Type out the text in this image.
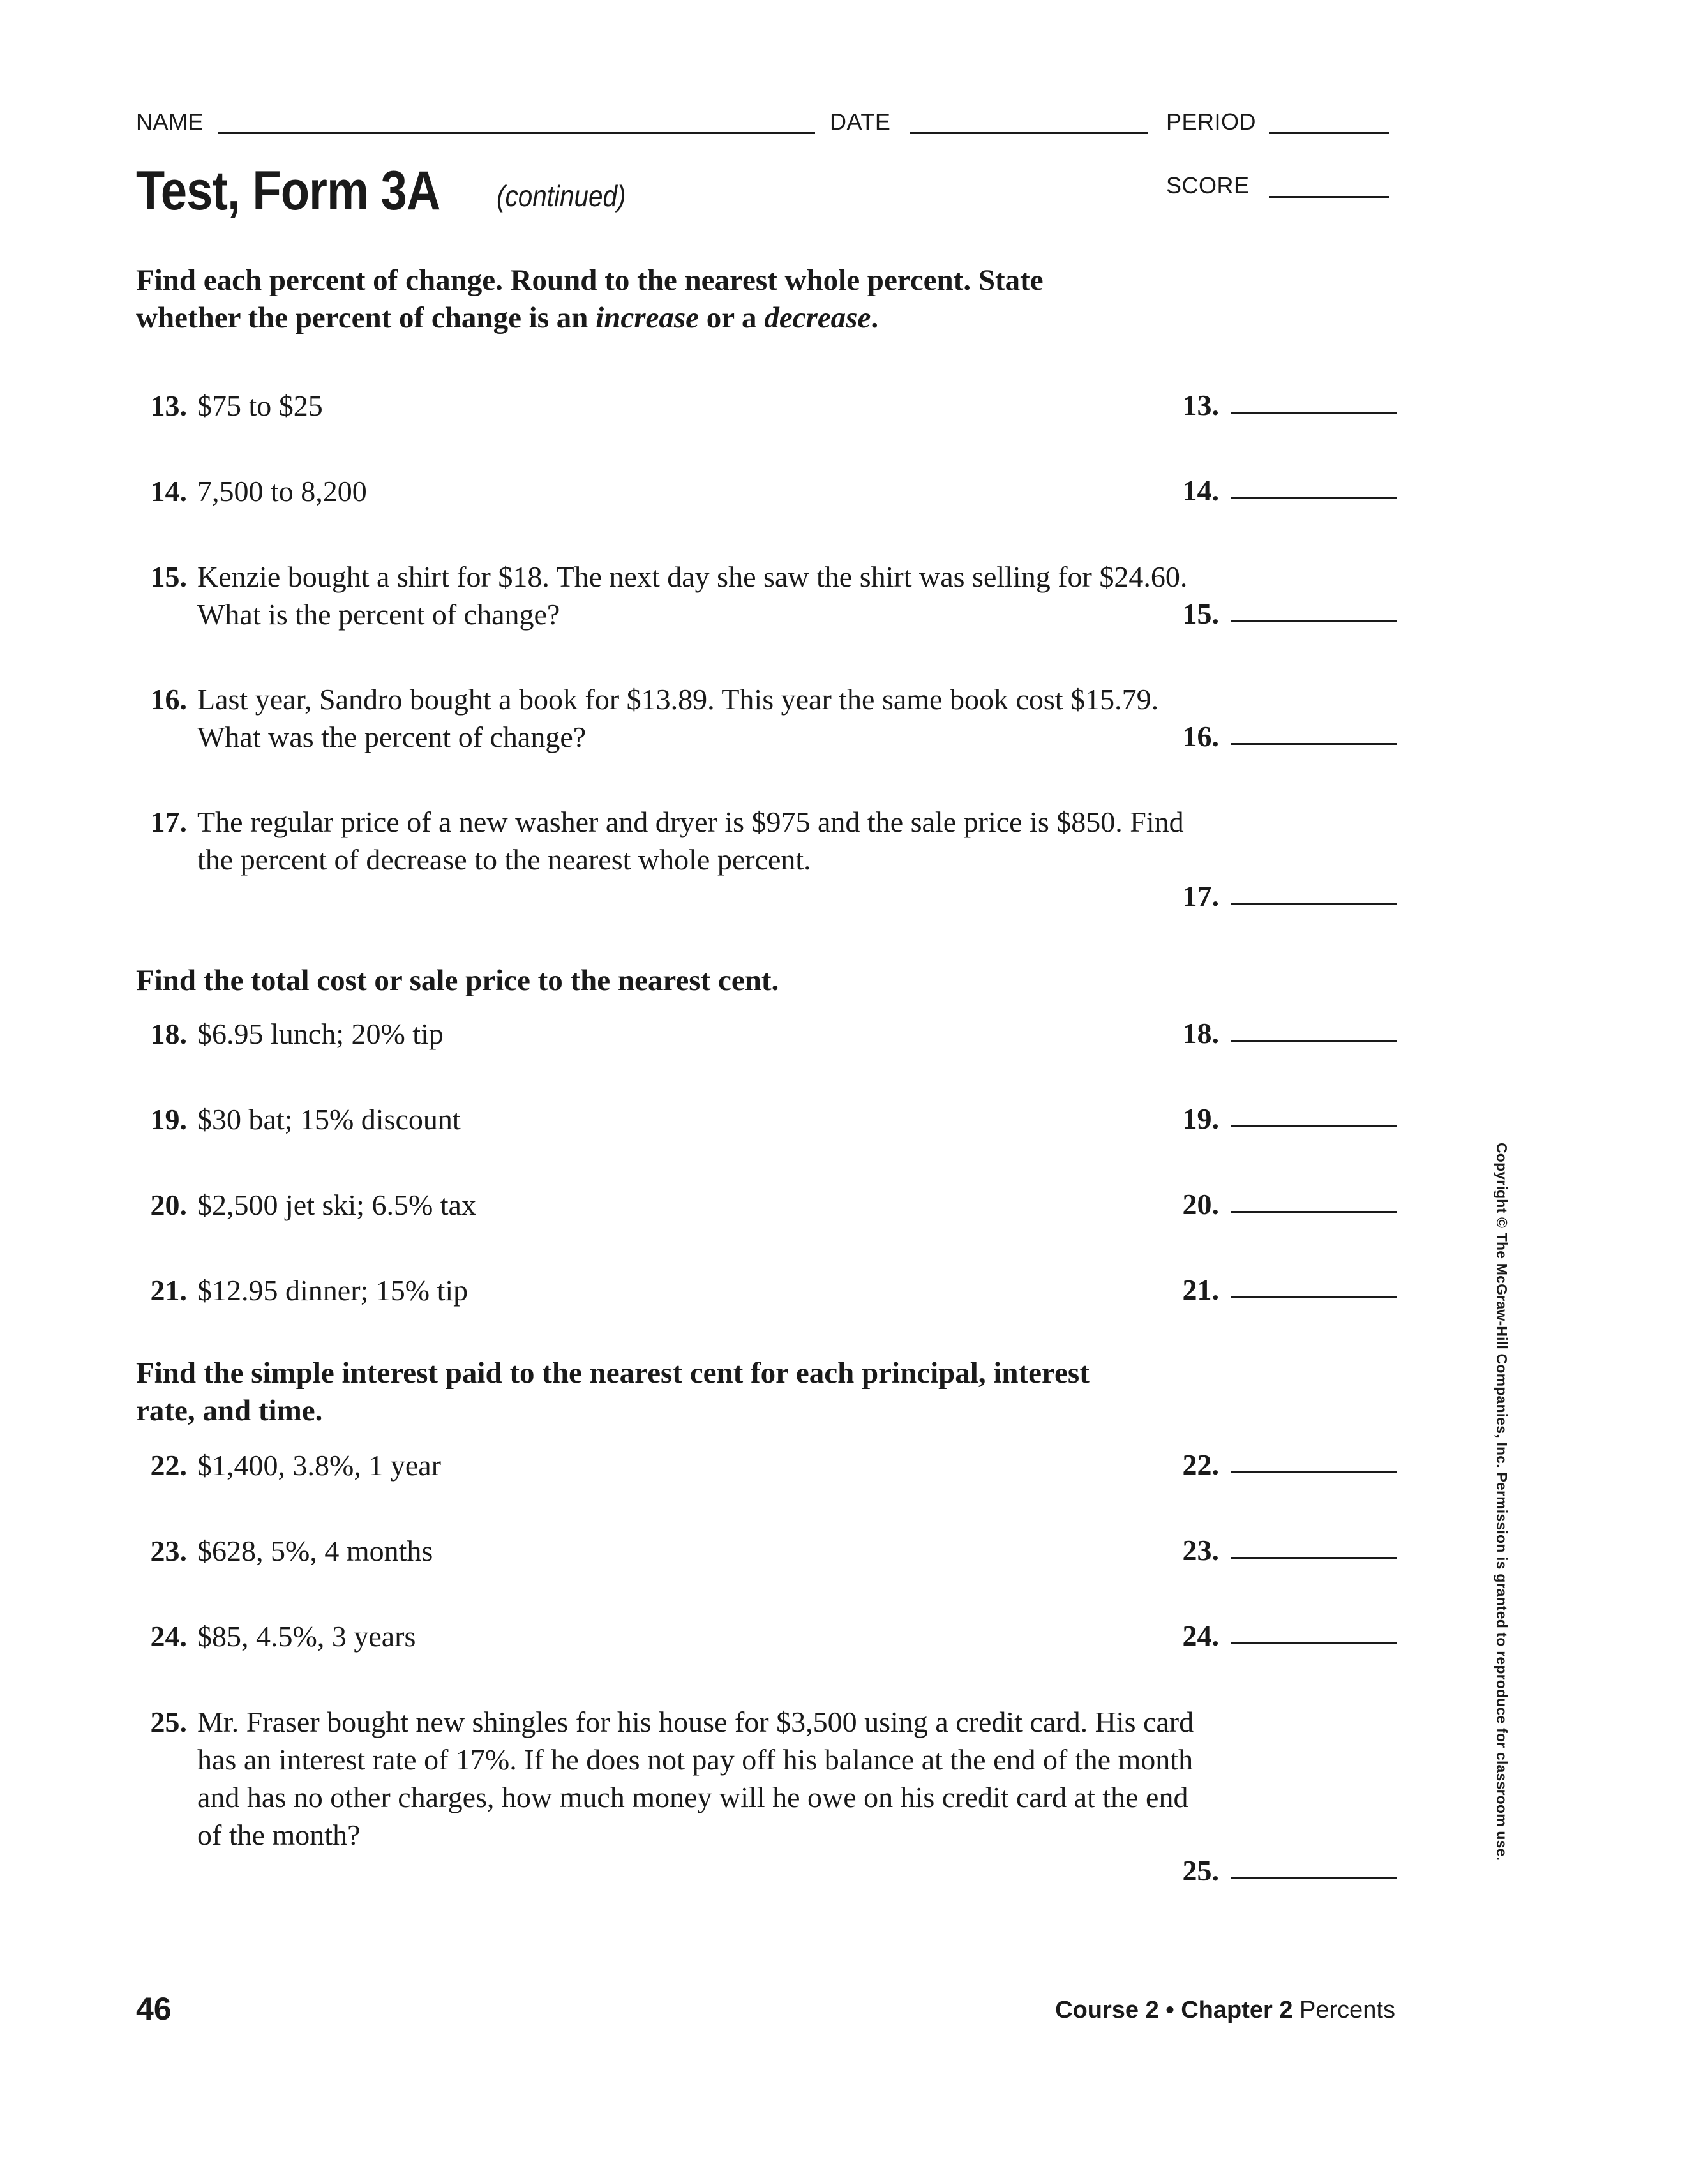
NAME	DATE	PERIOD
SCORE
Test, Form 3A (continued)
Find each percent of change. Round to the nearest whole percent. State whether the percent of change is an increase or a decrease.
13. $75 to $25	13.
14. 7,500 to 8,200	14.
15. Kenzie bought a shirt for $18. The next day she saw the shirt was selling for $24.60. What is the percent of change?	15.
16. Last year, Sandro bought a book for $13.89. This year the same book cost $15.79. What was the percent of change?	16.
17. The regular price of a new washer and dryer is $975 and the sale price is $850. Find the percent of decrease to the nearest whole percent.
17.
Find the total cost or sale price to the nearest cent.
18. $6.95 lunch; 20% tip	18.
19. $30 bat; 15% discount	19.
20. $2,500 jet ski; 6.5% tax	20.
21. $12.95 dinner; 15% tip	21.
Find the simple interest paid to the nearest cent for each principal, interest rate, and time.
22. $1,400, 3.8%, 1 year	22.
23. $628, 5%, 4 months	23.
24. $85, 4.5%, 3 years	24.
25. Mr. Fraser bought new shingles for his house for $3,500 using a credit card. His card has an interest rate of 17%. If he does not pay off his balance at the end of the month and has no other charges, how much money will he owe on his credit card at the end of the month?
25.
Copyright © The McGraw-Hill Companies, Inc. Permission is granted to reproduce for classroom use.
46	Course 2 • Chapter 2 Percents
